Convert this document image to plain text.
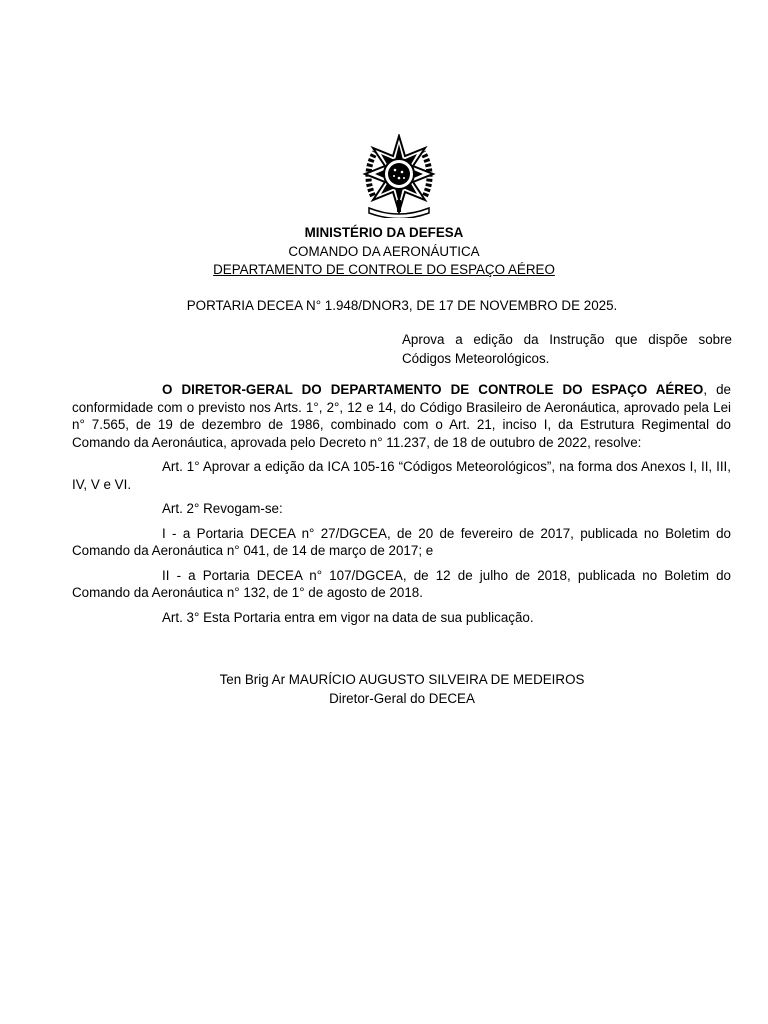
MINISTÉRIO DA DEFESA
COMANDO DA AERONÁUTICA
DEPARTAMENTO DE CONTROLE DO ESPAÇO AÉREO
PORTARIA DECEA N° 1.948/DNOR3, DE 17 DE NOVEMBRO DE 2025.
Aprova a edição da Instrução que dispõe sobre Códigos Meteorológicos.

O DIRETOR-GERAL DO DEPARTAMENTO DE CONTROLE DO ESPAÇO AÉREO, de conformidade com o previsto nos Arts. 1°, 2°, 12 e 14, do Código Brasileiro de Aeronáutica, aprovado pela Lei n° 7.565, de 19 de dezembro de 1986, combinado com o Art. 21, inciso I, da Estrutura Regimental do Comando da Aeronáutica, aprovada pelo Decreto n° 11.237, de 18 de outubro de 2022, resolve:

Art. 1° Aprovar a edição da ICA 105-16 “Códigos Meteorológicos”, na forma dos Anexos I, II, III, IV, V e VI.

Art. 2° Revogam-se:

I - a Portaria DECEA n° 27/DGCEA, de 20 de fevereiro de 2017, publicada no Boletim do Comando da Aeronáutica n° 041, de 14 de março de 2017; e

II - a Portaria DECEA n° 107/DGCEA, de 12 de julho de 2018, publicada no Boletim do Comando da Aeronáutica n° 132, de 1° de agosto de 2018.

Art. 3° Esta Portaria entra em vigor na data de sua publicação.

Ten Brig Ar MAURÍCIO AUGUSTO SILVEIRA DE MEDEIROS
Diretor-Geral do DECEA
